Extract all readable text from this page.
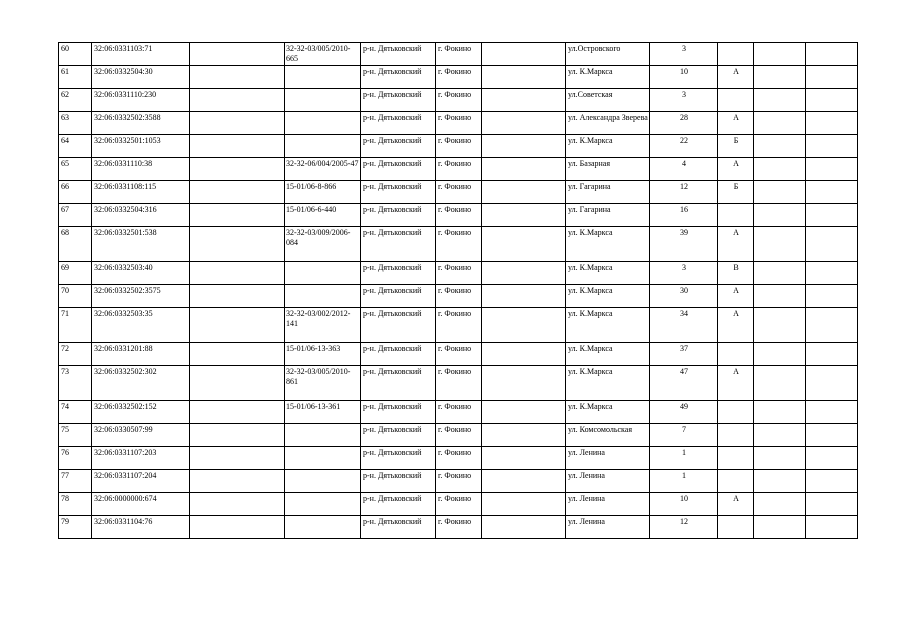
60	32:06:0331103:71		32-32-03/005/2010-665	р-н. Дятьковский	г. Фокино		ул.Островского	3			
61	32:06:0332504:30			р-н. Дятьковский	г. Фокино		ул. К.Маркса	10	А		
62	32:06:0331110:230			р-н. Дятьковский	г. Фокино		ул.Советская	3			
63	32:06:0332502:3588			р-н. Дятьковский	г. Фокино		ул. Александра Зверева	28	А		
64	32:06:0332501:1053			р-н. Дятьковский	г. Фокино		ул. К.Маркса	22	Б		
65	32:06:0331110:38		32-32-06/004/2005-47	р-н. Дятьковский	г. Фокино		ул. Базарная	4	А		
66	32:06:0331108:115		15-01/06-8-866	р-н. Дятьковский	г. Фокино		ул. Гагарина	12	Б		
67	32:06:0332504:316		15-01/06-6-440	р-н. Дятьковский	г. Фокино		ул. Гагарина	16			
68	32:06:0332501:538		32-32-03/009/2006-084	р-н. Дятьковский	г. Фокино		ул. К.Маркса	39	А		
69	32:06:0332503:40			р-н. Дятьковский	г. Фокино		ул. К.Маркса	3	В		
70	32:06:0332502:3575			р-н. Дятьковский	г. Фокино		ул. К.Маркса	30	А		
71	32:06:0332503:35		32-32-03/002/2012-141	р-н. Дятьковский	г. Фокино		ул. К.Маркса	34	А		
72	32:06:0331201:88		15-01/06-13-363	р-н. Дятьковский	г. Фокино		ул. К.Маркса	37			
73	32:06:0332502:302		32-32-03/005/2010-861	р-н. Дятьковский	г. Фокино		ул. К.Маркса	47	А		
74	32:06:0332502:152		15-01/06-13-361	р-н. Дятьковский	г. Фокино		ул. К.Маркса	49			
75	32:06:0330507:99			р-н. Дятьковский	г. Фокино		ул. Комсомольская	7			
76	32:06:0331107:203			р-н. Дятьковский	г. Фокино		ул. Ленина	1			
77	32:06:0331107:204			р-н. Дятьковский	г. Фокино		ул. Ленина	1			
78	32:06:0000000:674			р-н. Дятьковский	г. Фокино		ул. Ленина	10	А		
79	32:06:0331104:76			р-н. Дятьковский	г. Фокино		ул. Ленина	12			
